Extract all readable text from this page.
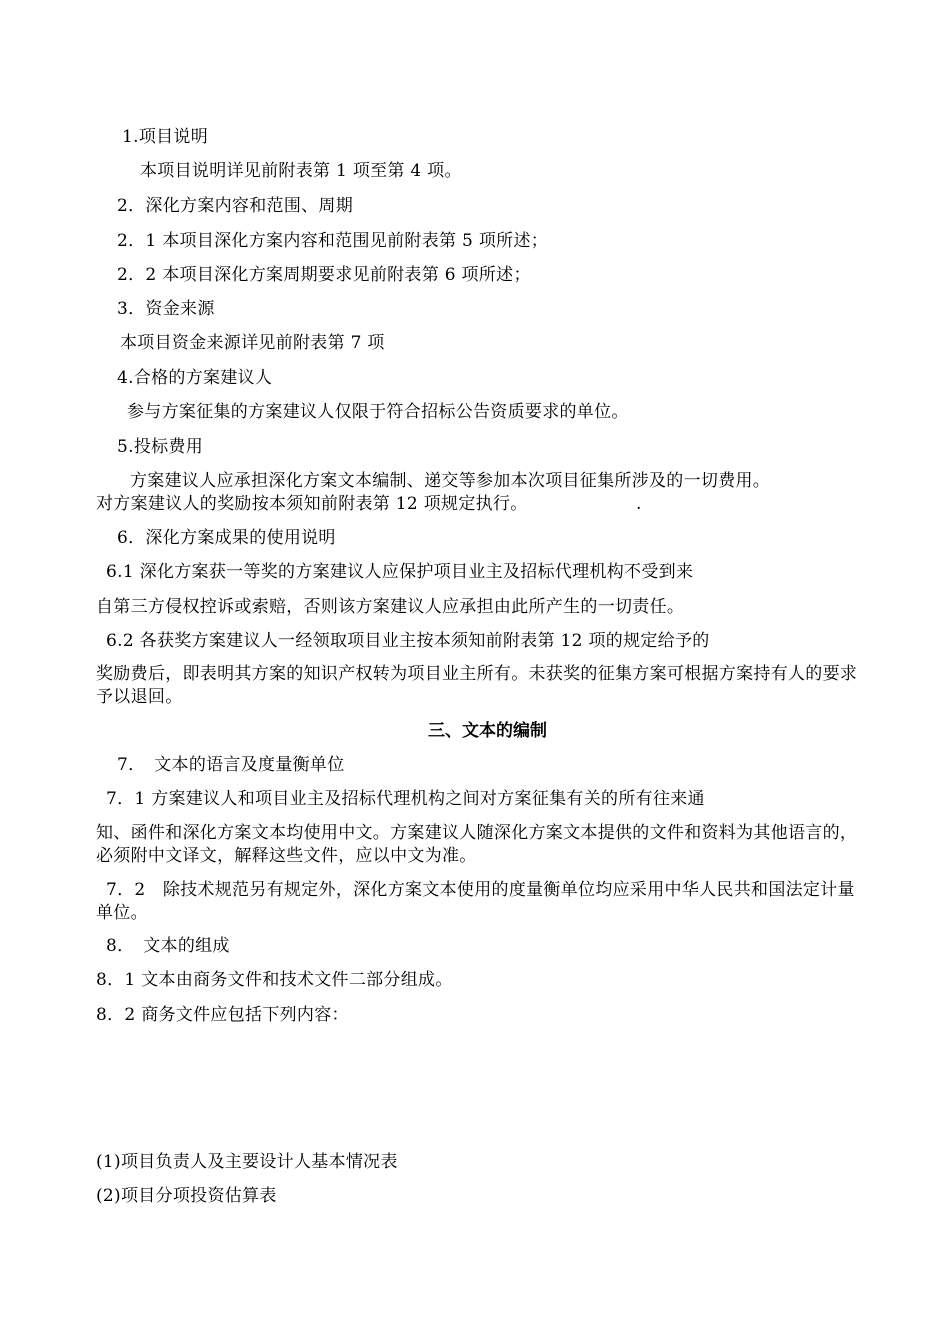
1.项目说明
本项目说明详见前附表第 1 项至第 4 项。
2．深化方案内容和范围、周期
2．1 本项目深化方案内容和范围见前附表第 5 项所述；
2．2 本项目深化方案周期要求见前附表第 6 项所述；
3．资金来源
本项目资金来源详见前附表第 7 项
4.合格的方案建议人
参与方案征集的方案建议人仅限于符合招标公告资质要求的单位。
5.投标费用
方案建议人应承担深化方案文本编制、递交等参加本次项目征集所涉及的一切费用。
对方案建议人的奖励按本须知前附表第 12 项规定执行。	.
6．深化方案成果的使用说明
6.1 深化方案获一等奖的方案建议人应保护项目业主及招标代理机构不受到来
自第三方侵权控诉或索赔，否则该方案建议人应承担由此所产生的一切责任。
6.2 各获奖方案建议人一经领取项目业主按本须知前附表第 12 项的规定给予的
奖励费后，即表明其方案的知识产权转为项目业主所有。未获奖的征集方案可根据方案持有人的要求予以退回。
三、文本的编制
7．　文本的语言及度量衡单位
7．1 方案建议人和项目业主及招标代理机构之间对方案征集有关的所有往来通
知、函件和深化方案文本均使用中文。方案建议人随深化方案文本提供的文件和资料为其他语言的，必须附中文译文，解释这些文件，应以中文为准。
7．2　除技术规范另有规定外，深化方案文本使用的度量衡单位均应采用中华人民共和国法定计量单位。
8．　文本的组成
8．1 文本由商务文件和技术文件二部分组成。
8．2 商务文件应包括下列内容：
(1)项目负责人及主要设计人基本情况表
(2)项目分项投资估算表
